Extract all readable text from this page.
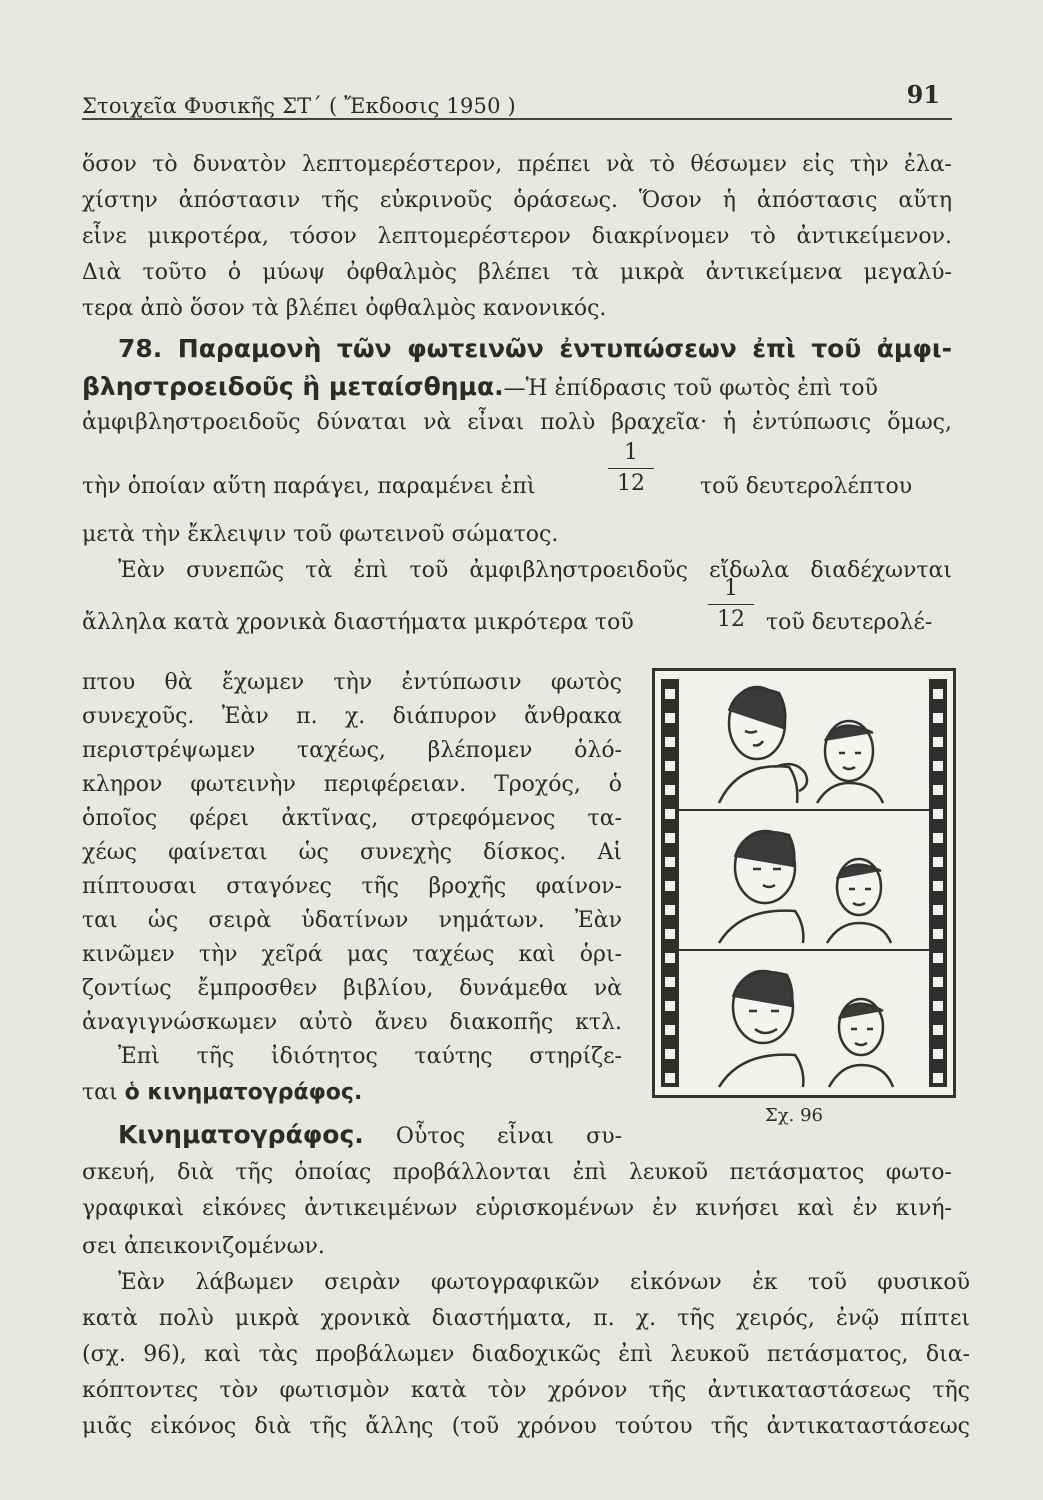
Στοιχεῖα Φυσικῆς ΣΤ´ ( Ἔκδοσις 1950 )	91
ὅσον τὸ δυνατὸν λεπτομερέστερον, πρέπει νὰ τὸ θέσωμεν εἰς τὴν ἐλα-
χίστην ἀπόστασιν τῆς εὐκρινοῦς ὁράσεως. Ὅσον ἡ ἀπόστασις αὕτη
εἶνε μικροτέρα, τόσον λεπτομερέστερον διακρίνομεν τὸ ἀντικείμενον.
Διὰ τοῦτο ὁ μύωψ ὀφθαλμὸς βλέπει τὰ μικρὰ ἀντικείμενα μεγαλύ-
τερα ἀπὸ ὅσον τὰ βλέπει ὀφθαλμὸς κανονικός.
78. Παραμονὴ τῶν φωτεινῶν ἐντυπώσεων ἐπὶ τοῦ ἀμφι-
βληστροειδοῦς ἢ μεταίσθημα.—Ἡ ἐπίδρασις τοῦ φωτὸς ἐπὶ τοῦ
ἀμφιβληστροειδοῦς δύναται νὰ εἶναι πολὺ βραχεῖα· ἡ ἐντύπωσις ὅμως,
τὴν ὁποίαν αὕτη παράγει, παραμένει ἐπὶ
1
12	τοῦ δευτερολέπτου
μετὰ τὴν ἔκλειψιν τοῦ φωτεινοῦ σώματος.
Ἐὰν συνεπῶς τὰ ἐπὶ τοῦ ἀμφιβληστροειδοῦς εἴδωλα διαδέχωνται
ἄλληλα κατὰ χρονικὰ διαστήματα μικρότερα τοῦ
1
12 τοῦ δευτερολέ-
πτου θὰ ἔχωμεν τὴν ἐντύπωσιν φωτὸς
συνεχοῦς. Ἐὰν π. χ. διάπυρον ἄνθρακα
περιστρέψωμεν ταχέως, βλέπομεν ὁλό-
κληρον φωτεινὴν περιφέρειαν. Τροχός, ὁ
ὁποῖος φέρει ἀκτῖνας, στρεφόμενος τα-
χέως φαίνεται ὡς συνεχὴς δίσκος. Αἱ
πίπτουσαι σταγόνες τῆς βροχῆς φαίνον-
ται ὡς σειρὰ ὑδατίνων νημάτων. Ἐὰν
κινῶμεν τὴν χεῖρά μας ταχέως καὶ ὁρι-
ζοντίως ἔμπροσθεν βιβλίου, δυνάμεθα νὰ
ἀναγιγνώσκωμεν αὐτὸ ἄνευ διακοπῆς κτλ.
Ἐπὶ τῆς ἰδιότητος ταύτης στηρίζε-
ται ὁ κινηματογράφος.
Κινηματογράφος. Οὗτος εἶναι συ-
σκευή, διὰ τῆς ὁποίας προβάλλονται ἐπὶ λευκοῦ πετάσματος φωτο-
γραφικαὶ εἰκόνες ἀντικειμένων εὑρισκομένων ἐν κινήσει καὶ ἐν κινή-
σει ἀπεικονιζομένων.
Ἐὰν λάβωμεν σειρὰν φωτογραφικῶν εἰκόνων ἐκ τοῦ φυσικοῦ
κατὰ πολὺ μικρὰ χρονικὰ διαστήματα, π. χ. τῆς χειρός, ἐνῷ πίπτει
(σχ. 96), καὶ τὰς προβάλωμεν διαδοχικῶς ἐπὶ λευκοῦ πετάσματος, δια-
κόπτοντες τὸν φωτισμὸν κατὰ τὸν χρόνον τῆς ἀντικαταστάσεως τῆς
μιᾶς εἰκόνος διὰ τῆς ἄλλης (τοῦ χρόνου τούτου τῆς ἀντικαταστάσεως
Σχ. 96
